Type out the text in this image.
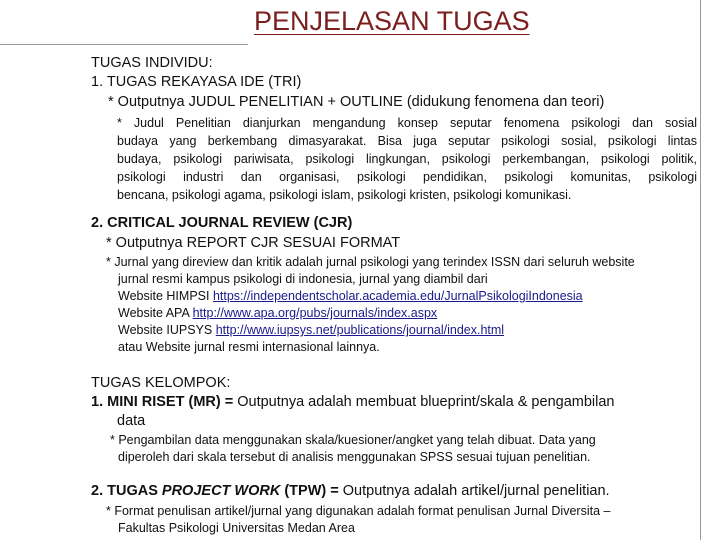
PENJELASAN TUGAS
TUGAS INDIVIDU:
1. TUGAS REKAYASA IDE (TRI)
* Outputnya JUDUL PENELITIAN + OUTLINE (didukung fenomena dan teori)
* Judul Penelitian dianjurkan mengandung konsep seputar fenomena psikologi dan sosial
budaya yang berkembang dimasyarakat. Bisa juga seputar psikologi sosial, psikologi lintas
budaya, psikologi pariwisata, psikologi lingkungan, psikologi perkembangan, psikologi politik,
psikologi industri dan organisasi, psikologi pendidikan, psikologi komunitas, psikologi
bencana, psikologi agama, psikologi islam, psikologi kristen, psikologi komunikasi.
2. CRITICAL JOURNAL REVIEW (CJR)
* Outputnya REPORT CJR SESUAI FORMAT
* Jurnal yang direview dan kritik adalah jurnal psikologi yang terindex ISSN dari seluruh website
jurnal resmi kampus psikologi di indonesia, jurnal yang diambil dari
Website HIMPSI https://independentscholar.academia.edu/JurnalPsikologiIndonesia
Website APA http://www.apa.org/pubs/journals/index.aspx
Website IUPSYS http://www.iupsys.net/publications/journal/index.html
atau Website jurnal resmi internasional lainnya.
TUGAS KELOMPOK:
1. MINI RISET (MR) = Outputnya adalah membuat blueprint/skala & pengambilan
data
* Pengambilan data menggunakan skala/kuesioner/angket yang telah dibuat. Data yang
diperoleh dari skala tersebut di analisis menggunakan SPSS sesuai tujuan penelitian.
2. TUGAS PROJECT WORK (TPW) = Outputnya adalah artikel/jurnal penelitian.
* Format penulisan artikel/jurnal yang digunakan adalah format penulisan Jurnal Diversita –
Fakultas Psikologi Universitas Medan Area
